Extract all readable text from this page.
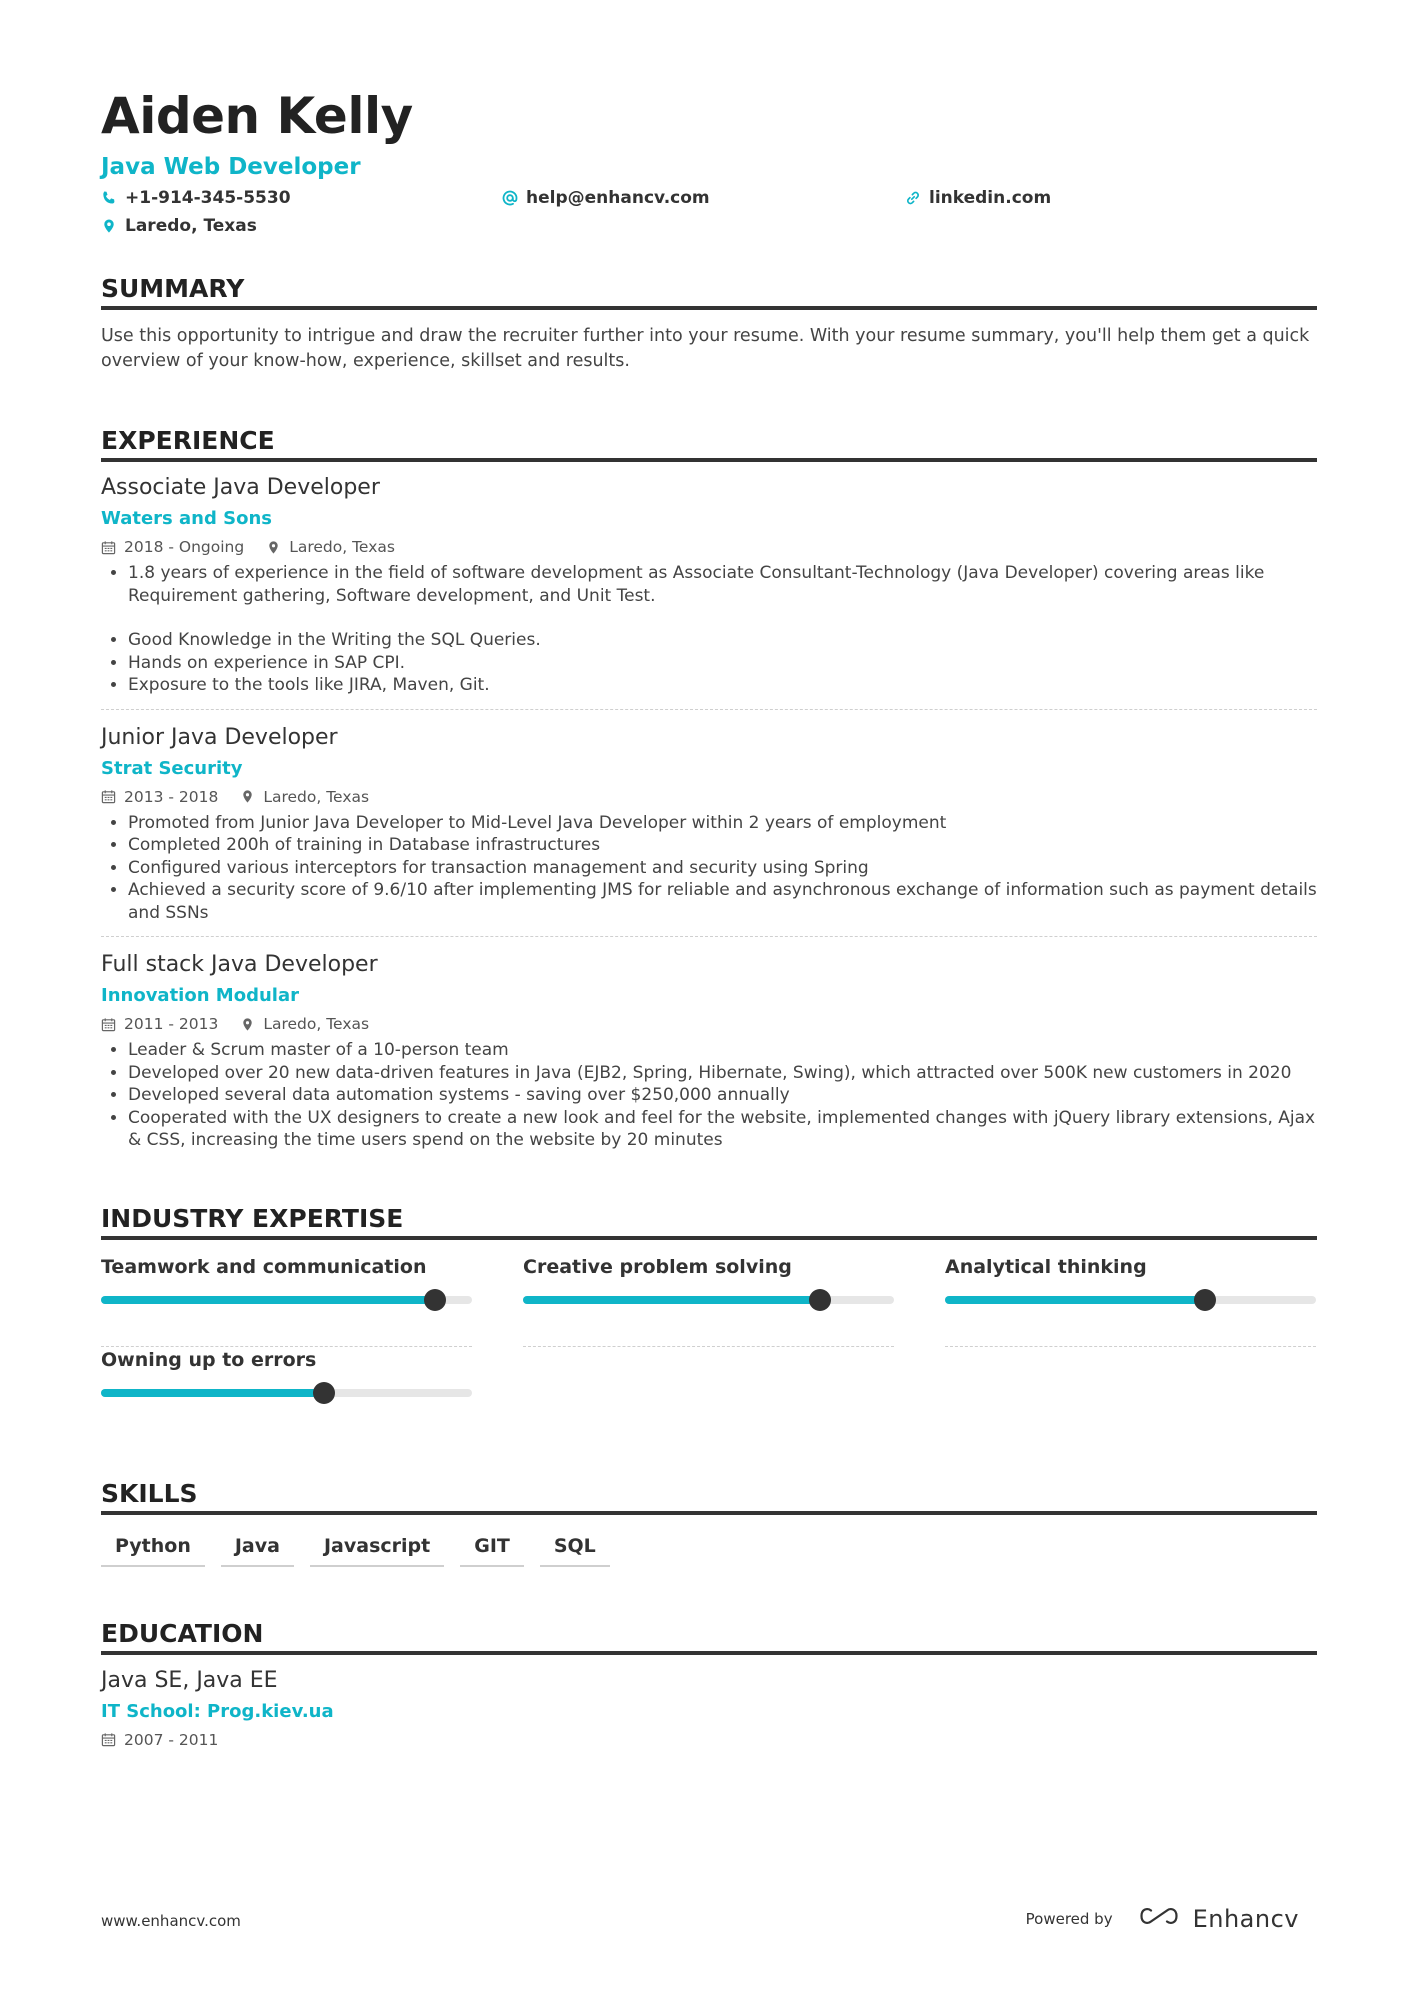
Aiden Kelly
Java Web Developer
+1-914-345-5530	help@enhancv.com	linkedin.com
Laredo, Texas
SUMMARY
Use this opportunity to intrigue and draw the recruiter further into your resume. With your resume summary, you'll help them get a quick overview of your know-how, experience, skillset and results.
EXPERIENCE
Associate Java Developer
Waters and Sons
2018 - Ongoing	Laredo, Texas
• 1.8 years of experience in the field of software development as Associate Consultant-Technology (Java Developer) covering areas like Requirement gathering, Software development, and Unit Test.
• Good Knowledge in the Writing the SQL Queries.
• Hands on experience in SAP CPI.
• Exposure to the tools like JIRA, Maven, Git.
Junior Java Developer
Strat Security
2013 - 2018	Laredo, Texas
• Promoted from Junior Java Developer to Mid-Level Java Developer within 2 years of employment
• Completed 200h of training in Database infrastructures
• Configured various interceptors for transaction management and security using Spring
• Achieved a security score of 9.6/10 after implementing JMS for reliable and asynchronous exchange of information such as payment details and SSNs
Full stack Java Developer
Innovation Modular
2011 - 2013	Laredo, Texas
• Leader & Scrum master of a 10-person team
• Developed over 20 new data-driven features in Java (EJB2, Spring, Hibernate, Swing), which attracted over 500K new customers in 2020
• Developed several data automation systems - saving over $250,000 annually
• Cooperated with the UX designers to create a new look and feel for the website, implemented changes with jQuery library extensions, Ajax & CSS, increasing the time users spend on the website by 20 minutes
INDUSTRY EXPERTISE
Teamwork and communication	Creative problem solving	Analytical thinking
Owning up to errors
SKILLS
Python	Java	Javascript	GIT	SQL
EDUCATION
Java SE, Java EE
IT School: Prog.kiev.ua
2007 - 2011
www.enhancv.com	Powered by	Enhancv
